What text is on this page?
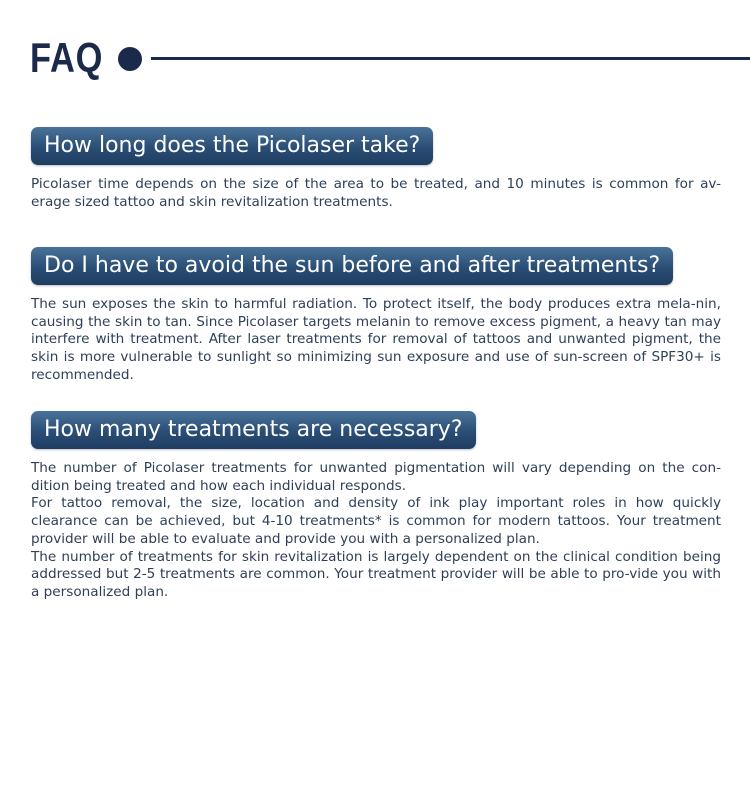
FAQ
How long does the Picolaser take?

Picolaser time depends on the size of the area to be treated, and 10 minutes is common for av-erage sized tattoo and skin revitalization treatments.

Do I have to avoid the sun before and after treatments?

The sun exposes the skin to harmful radiation. To protect itself, the body produces extra mela-nin, causing the skin to tan. Since Picolaser targets melanin to remove excess pigment, a heavy tan may interfere with treatment. After laser treatments for removal of tattoos and unwanted pigment, the skin is more vulnerable to sunlight so minimizing sun exposure and use of sun-screen of SPF30+ is recommended.

How many treatments are necessary?

The number of Picolaser treatments for unwanted pigmentation will vary depending on the con-dition being treated and how each individual responds.

For tattoo removal, the size, location and density of ink play important roles in how quickly clearance can be achieved, but 4-10 treatments* is common for modern tattoos. Your treatment provider will be able to evaluate and provide you with a personalized plan.

The number of treatments for skin revitalization is largely dependent on the clinical condition being addressed but 2-5 treatments are common. Your treatment provider will be able to pro-vide you with a personalized plan.
